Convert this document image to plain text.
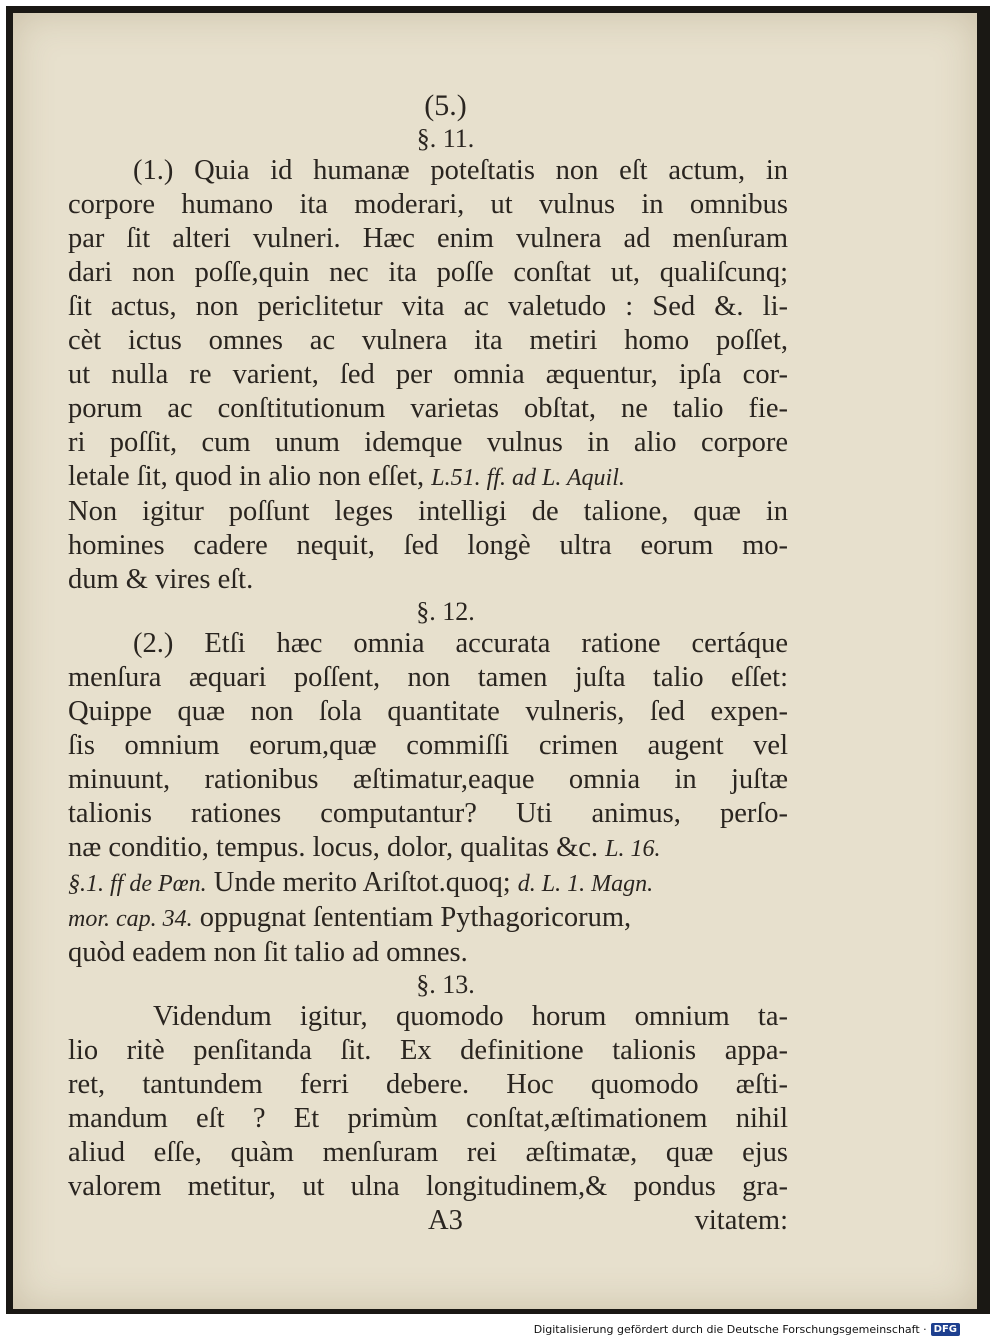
(5.)
§. 11.
(1.) Quia id humanæ poteſtatis non eſt actum, in
corpore humano ita moderari, ut vulnus in omnibus
par ſit alteri vulneri. Hæc enim vulnera ad menſuram
dari non poſſe,quin nec ita poſſe conſtat ut, qualiſcunq;
ſit actus, non periclitetur vita ac valetudo : Sed &. li-
cèt ictus omnes ac vulnera ita metiri homo poſſet,
ut nulla re varient, ſed per omnia æquentur, ipſa cor-
porum ac conſtitutionum varietas obſtat, ne talio fie-
ri poſſit, cum unum idemque vulnus in alio corpore
letale ſit, quod in alio non eſſet, L.51. ff. ad L. Aquil.
Non igitur poſſunt leges intelligi de talione, quæ in
homines cadere nequit, ſed longè ultra eorum mo-
dum & vires eſt.
§. 12.
(2.) Etſi hæc omnia accurata ratione certáque
menſura æquari poſſent, non tamen juſta talio eſſet:
Quippe quæ non ſola quantitate vulneris, ſed expen-
ſis omnium eorum,quæ commiſſi crimen augent vel
minuunt, rationibus æſtimatur,eaque omnia in juſtæ
talionis rationes computantur? Uti animus, perſo-
næ conditio, tempus. locus, dolor, qualitas &c. L. 16.
§.1. ff de Pœn. Unde merito Ariſtot.quoq; d. L. 1. Magn.
mor. cap. 34. oppugnat ſententiam Pythagoricorum,
quòd eadem non ſit talio ad omnes.
§. 13.
Videndum igitur, quomodo horum omnium ta-
lio ritè penſitanda ſit. Ex definitione talionis appa-
ret, tantundem ferri debere. Hoc quomodo æſti-
mandum eſt ? Et primùm conſtat,æſtimationem nihil
aliud eſſe, quàm menſuram rei æſtimatæ, quæ ejus
valorem metitur, ut ulna longitudinem,& pondus gra-
A3	vitatem:
Digitalisierung gefördert durch die Deutsche Forschungsgemeinschaft · DFG
